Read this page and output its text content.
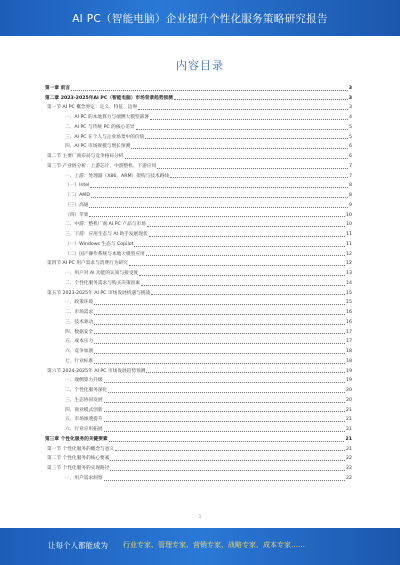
AI PC（智能电脑）企业提升个性化服务策略研究报告
内容目录
第一章 前言	3
第二章 2023-2025年AI PC（智能电脑）市场背景趋势预测	3
第一节 AI PC 概念界定：定义、特征、边界	3
一、AI PC 的本地算力与端侧大模型部署	4
二、AI PC 与传统 PC 的核心差异	5
三、AI PC 在个人与企业场景中的价值	5
四、AI PC 市场规模与增长预测	6
第二节 主要厂商布局与竞争格局分析	6
第三节 产业链分析：上游芯片、中游整机、下游应用	7
一、上游：处理器（X86、ARM）架构与技术路线	7
（一）Intel	8
（二）AMD	8
（三）高通	9
（四）苹果	10
二、中游：整机厂商 AI PC 产品与市场	10
三、下游：应用生态与 AI 助手发展现状	11
（一）Windows 生态与 Copilot	11
（二）国产操作系统与本地大模型应用	12
第四节 AI PC 用户需求与消费行为研究	12
一、用户对 AI 功能的认知与接受度	13
二、个性化服务需求与购买决策因素	14
第五节 2023-2025年 AI PC 市场发展机遇与挑战	15
一、政策环境	15
二、市场需求	16
三、技术驱动	16
四、数据安全	17
五、成本压力	17
六、竞争加剧	18
七、行业标准	18
第六节 2024-2025年 AI PC 市场发展趋势预测	19
一、端侧算力升级	19
二、个性化服务深化	20
三、生态协同发展	20
四、商业模式创新	21
五、市场渗透提升	21
六、行业应用拓展	21
第三章 个性化服务的关键要素	21
第一节 个性化服务的概念与意义	21
第二节 个性化服务的核心要素	22
第三节 个性化服务的实现路径	22
一、用户需求洞察	22
1
让每个人都能成为 行业专家、管理专家、营销专家、战略专家、成本专家……
